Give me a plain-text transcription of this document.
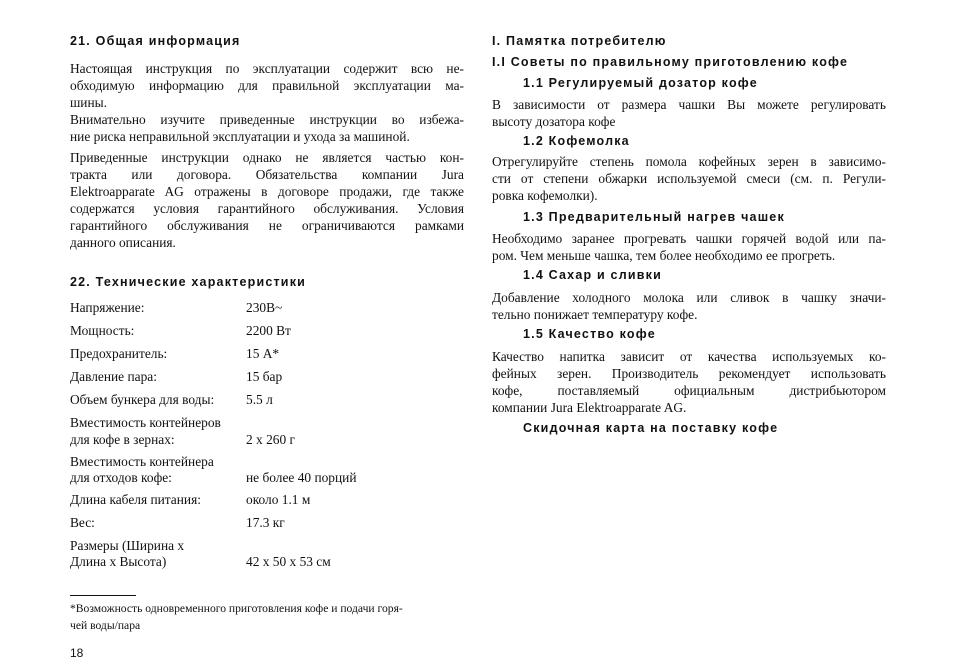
21. Общая информация
Настоящая инструкция по эксплуатации содержит всю не-
обходимую информацию для правильной эксплуатации ма-
шины.
Внимательно изучите приведенные инструкции во избежа-
ние риска неправильной эксплуатации и ухода за машиной.
Приведенные инструкции однако не является частью кон-
тракта или договора. Обязательства компании Jura
Elektroapparate AG отражены в договоре продажи, где также
содержатся условия гарантийного обслуживания. Условия
гарантийного обслуживания не ограничиваются рамками
данного описания.
22. Технические характеристики
Напряжение:	230В~
Мощность:	2200 Вт
Предохранитель:	15 А*
Давление пара:	15 бар
Объем бункера для воды: 5.5 л
Вместимость контейнеров
для кофе в зернах:	2 х 260 г
Вместимость контейнера
для отходов кофе:	не более 40 порций
Длина кабеля питания:	около 1.1 м
Вес:	17.3 кг
Размеры (Ширина х
Длина х Высота)	42 х 50 х 53 см
*Возможность одновременного приготовления кофе и подачи горя-
чей воды/пара
18
I. Памятка потребителю
I.I Советы по правильному приготовлению кофе
1.1 Регулируемый дозатор кофе
В зависимости от размера чашки Вы можете регулировать
высоту дозатора кофе
1.2 Кофемолка
Отрегулируйте степень помола кофейных зерен в зависимо-
сти от степени обжарки используемой смеси (см. п. Регули-
ровка кофемолки).
1.3 Предварительный нагрев чашек
Необходимо заранее прогревать чашки горячей водой или па-
ром. Чем меньше чашка, тем более необходимо ее прогреть.
1.4 Сахар и сливки
Добавление холодного молока или сливок в чашку значи-
тельно понижает температуру кофе.
1.5 Качество кофе
Качество напитка зависит от качества используемых ко-
фейных зерен. Производитель рекомендует использовать
кофе, поставляемый официальным дистрибьютором
компании Jura Elektroapparate AG.
Скидочная карта на поставку кофе
